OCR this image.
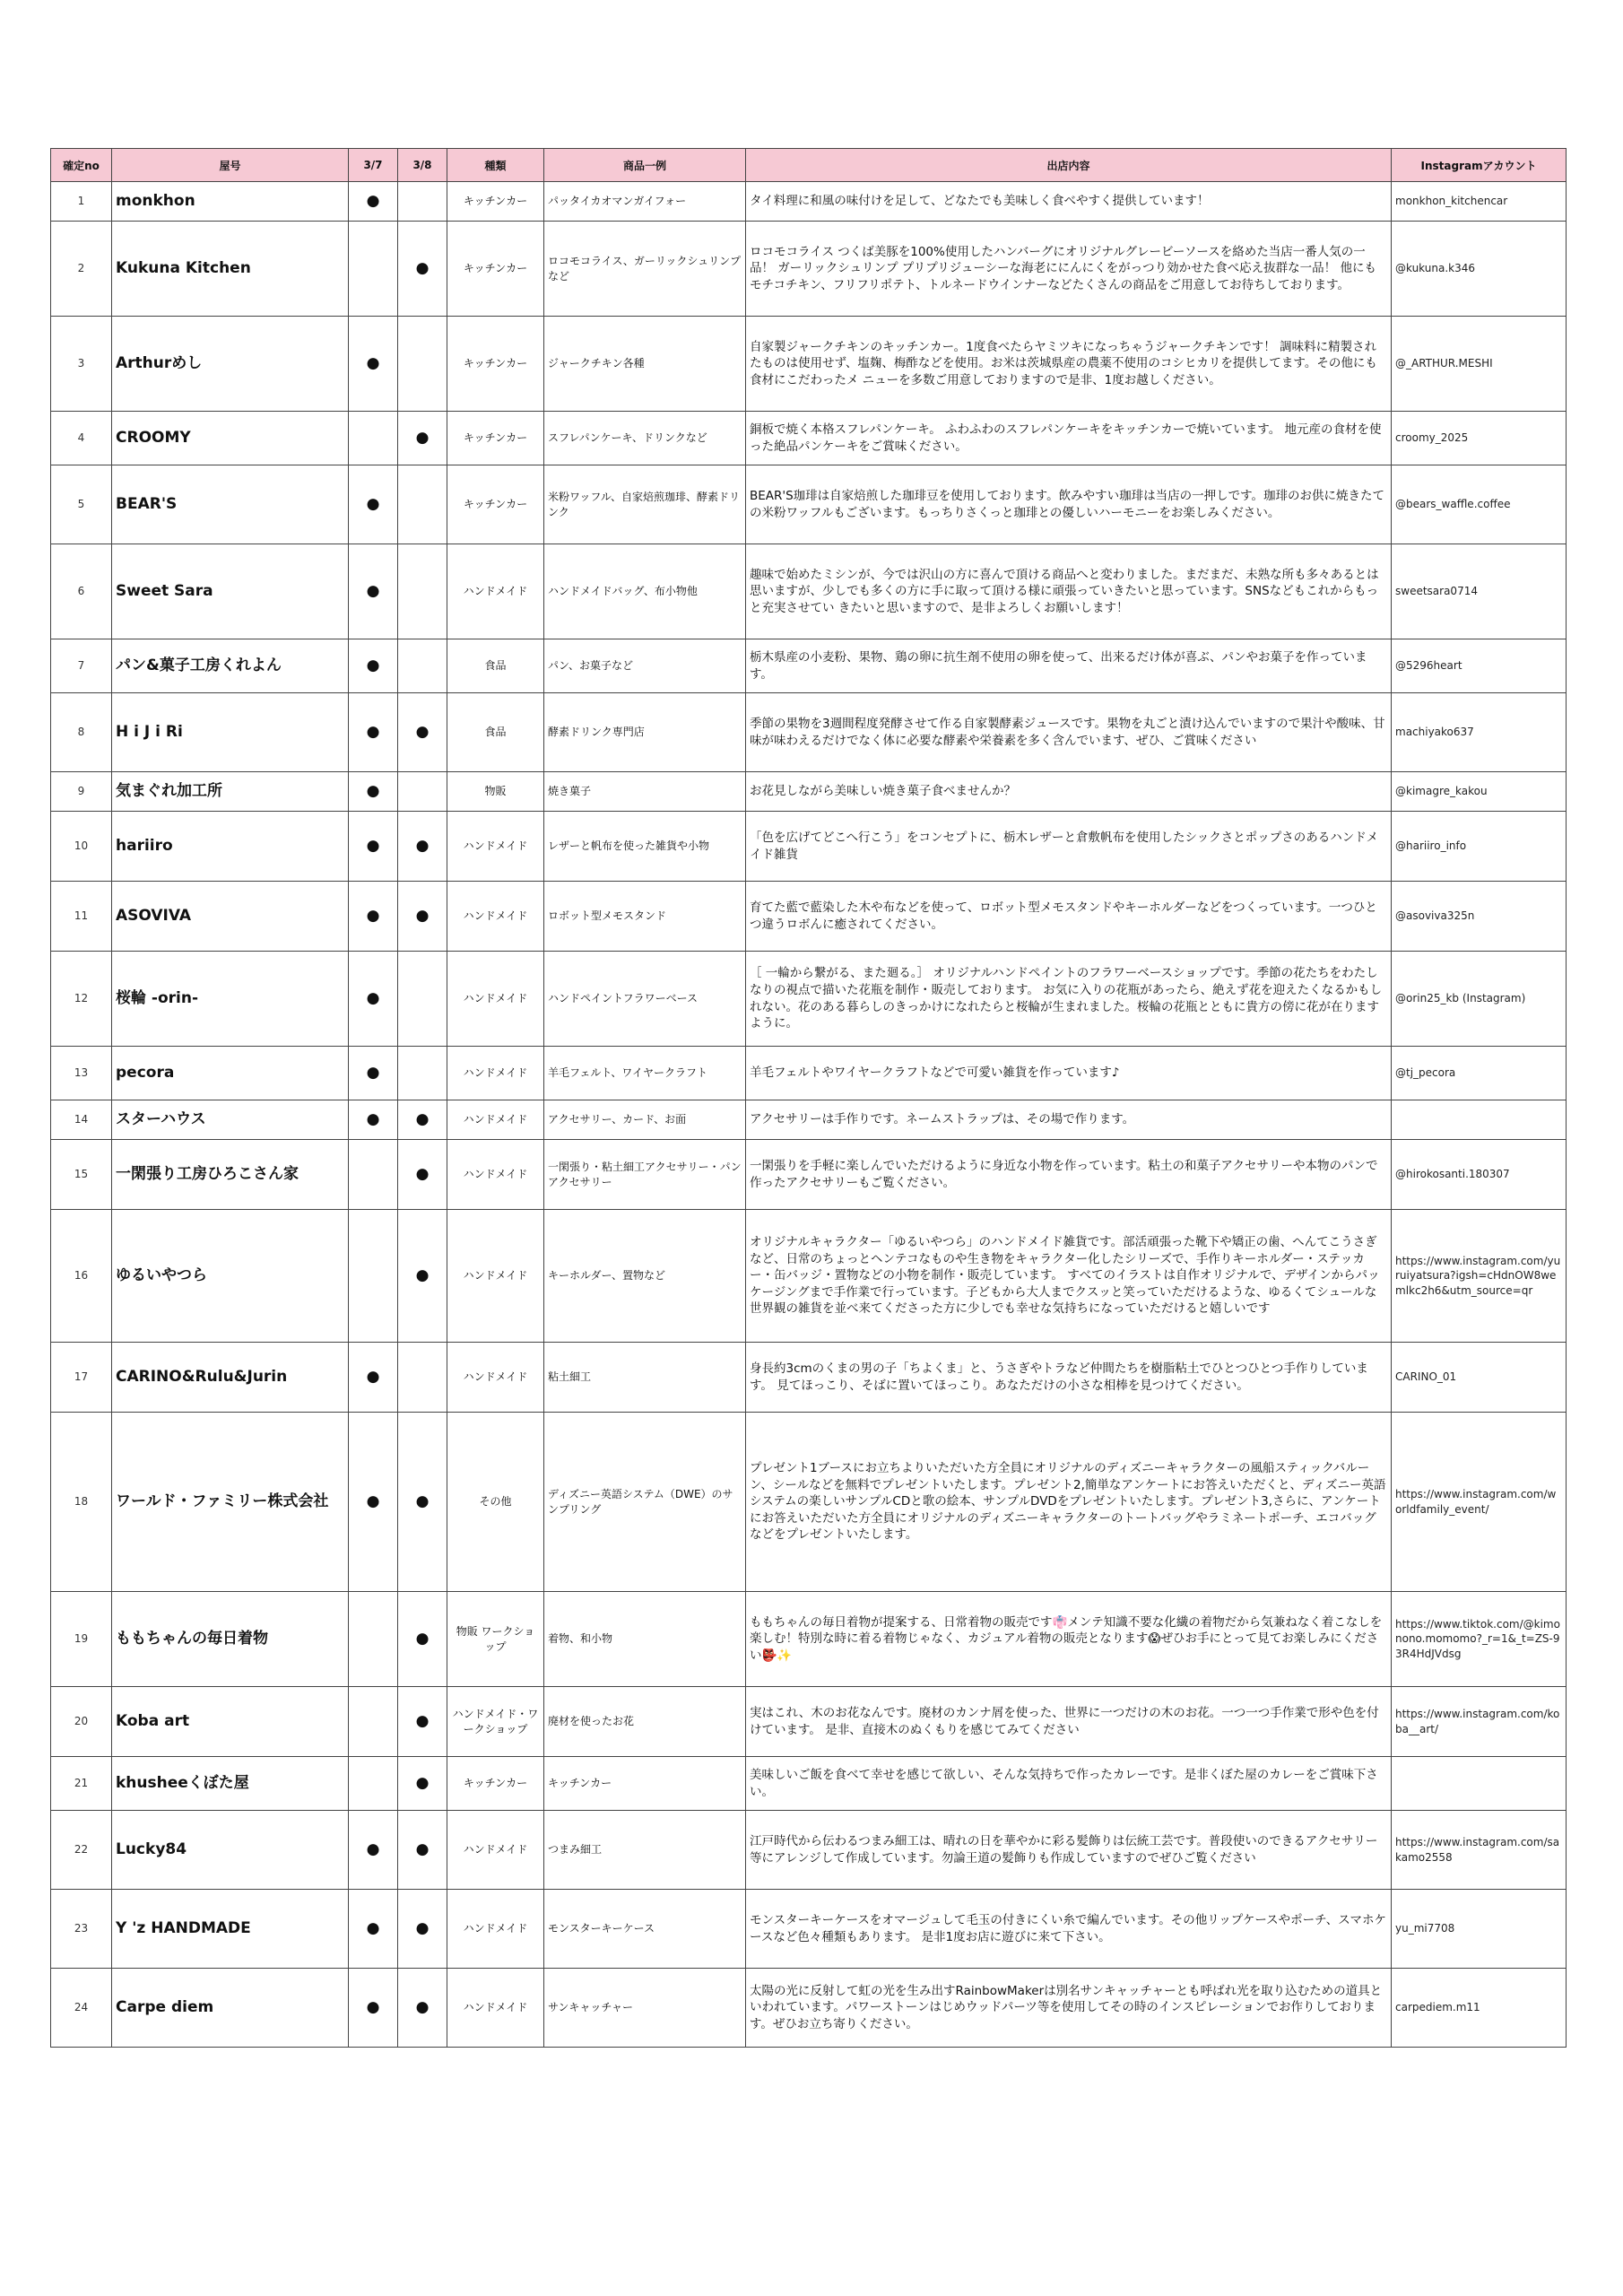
確定no	屋号	3/7	3/8	種類	商品一例	出店内容	Instagramアカウント
1	monkhon	●		キッチンカー	パッタイカオマンガイフォー	タイ料理に和風の味付けを足して、どなたでも美味しく食べやすく提供しています！	monkhon_kitchencar
2	Kukuna Kitchen		●	キッチンカー	ロコモコライス、ガーリックシュリンプなど	ロコモコライス つくば美豚を100%使用したハンバーグにオリジナルグレービーソースを絡めた当店一番人気の一品！ ガーリックシュリンプ プリプリジューシーな海老ににんにくをがっつり効かせた食べ応え抜群な一品！ 他にもモチコチキン、フリフリポテト、トルネードウインナーなどたくさんの商品をご用意してお待ちしております。	@kukuna.k346
3	Arthurめし	●		キッチンカー	ジャークチキン各種	自家製ジャークチキンのキッチンカー。1度食べたらヤミツキになっちゃうジャークチキンです！ 調味料に精製されたものは使用せず、塩麹、梅酢などを使用。お米は茨城県産の農薬不使用のコシヒカリを提供してます。その他にも食材にこだわったメ ニューを多数ご用意しておりますので是非、1度お越しください。	@_ARTHUR.MESHI
4	CROOMY		●	キッチンカー	スフレパンケーキ、ドリンクなど	銅板で焼く本格スフレパンケーキ。 ふわふわのスフレパンケーキをキッチンカーで焼いています。 地元産の食材を使った絶品パンケーキをご賞味ください。	croomy_2025
5	BEAR'S	●		キッチンカー	米粉ワッフル、自家焙煎珈琲、酵素ドリンク	BEAR'S珈琲は自家焙煎した珈琲豆を使用しております。飲みやすい珈琲は当店の一押しです。珈琲のお供に焼きたての米粉ワッフルもございます。もっちりさくっと珈琲との優しいハーモニーをお楽しみください。	@bears_waffle.coffee
6	Sweet Sara	●		ハンドメイド	ハンドメイドバッグ、布小物他	趣味で始めたミシンが、今では沢山の方に喜んで頂ける商品へと変わりました。まだまだ、未熟な所も多々あるとは思いますが、少しでも多くの方に手に取って頂ける様に頑張っていきたいと思っています。SNSなどもこれからもっと充実させてい きたいと思いますので、是非よろしくお願いします！	sweetsara0714
7	パン&菓子工房くれよん	●		食品	パン、お菓子など	栃木県産の小麦粉、果物、鶏の卵に抗生剤不使用の卵を使って、出来るだけ体が喜ぶ、パンやお菓子を作っています。	@5296heart
8	H i J i Ri	●	●	食品	酵素ドリンク専門店	季節の果物を3週間程度発酵させて作る自家製酵素ジュースです。果物を丸ごと漬け込んでいますので果汁や酸味、甘味が味わえるだけでなく体に必要な酵素や栄養素を多く含んでいます、ぜひ、ご賞味ください	machiyako637
9	気まぐれ加工所	●		物販	焼き菓子	お花見しながら美味しい焼き菓子食べませんか？	@kimagre_kakou
10	hariiro	●	●	ハンドメイド	レザーと帆布を使った雑貨や小物	「色を広げてどこへ行こう」をコンセプトに、栃木レザーと倉敷帆布を使用したシックさとポップさのあるハンドメイド雑貨	@hariiro_info
11	ASOVIVA	●	●	ハンドメイド	ロボット型メモスタンド	育てた藍で藍染した木や布などを使って、ロボット型メモスタンドやキーホルダーなどをつくっています。一つひとつ違うロボんに癒されてください。	@asoviva325n
12	桜輪 -orin-	●		ハンドメイド	ハンドペイントフラワーベース	［ 一輪から繋がる、また廻る。］ オリジナルハンドペイントのフラワーベースショップです。季節の花たちをわたしなりの視点で描いた花瓶を制作・販売しております。 お気に入りの花瓶があったら、絶えず花を迎えたくなるかもしれない。花のある暮らしのきっかけになれたらと桜輪が生まれました。桜輪の花瓶とともに貴方の傍に花が在りますように。	@orin25_kb (Instagram)
13	pecora	●		ハンドメイド	羊毛フェルト、ワイヤークラフト	羊毛フェルトやワイヤークラフトなどで可愛い雑貨を作っています♪	@tj_pecora
14	スターハウス	●	●	ハンドメイド	アクセサリー、カード、お面	アクセサリーは手作りです。ネームストラップは、その場で作ります。	
15	一閑張り工房ひろこさん家		●	ハンドメイド	一閑張り・粘土細工アクセサリー・パンアクセサリー	一閑張りを手軽に楽しんでいただけるように身近な小物を作っています。粘土の和菓子アクセサリーや本物のパンで作ったアクセサリーもご覧ください。	@hirokosanti.180307
16	ゆるいやつら		●	ハンドメイド	キーホルダー、置物など	オリジナルキャラクター「ゆるいやつら」のハンドメイド雑貨です。部活頑張った靴下や矯正の歯、へんてこうさぎなど、日常のちょっとヘンテコなものや生き物をキャラクター化したシリーズで、手作りキーホルダー・ステッカー・缶バッジ・置物などの小物を制作・販売しています。 すべてのイラストは自作オリジナルで、デザインからパッケージングまで手作業で行っています。子どもから大人までクスッと笑っていただけるような、ゆるくてシュールな世界観の雑貨を並べ来てくださった方に少しでも幸せな気持ちになっていただけると嬉しいです	https://www.instagram.com/yuruiyatsura?igsh=cHdnOW8wemlkc2h6&utm_source=qr
17	CARINO&Rulu&Jurin	●		ハンドメイド	粘土細工	身長約3cmのくまの男の子「ちよくま」と、うさぎやトラなど仲間たちを樹脂粘土でひとつひとつ手作りしています。 見てほっこり、そばに置いてほっこり。あなただけの小さな相棒を見つけてください。	CARINO_01
18	ワールド・ファミリー株式会社	●	●	その他	ディズニー英語システム（DWE）のサンプリング	プレゼント1ブースにお立ちよりいただいた方全員にオリジナルのディズニーキャラクターの風船スティックバルーン、シールなどを無料でプレゼントいたします。プレゼント2,簡単なアンケートにお答えいただくと、ディズニー英語システムの楽しいサンプルCDと歌の絵本、サンプルDVDをプレゼントいたします。プレゼント3,さらに、アンケートにお答えいただいた方全員にオリジナルのディズニーキャラクターのトートバッグやラミネートポーチ、エコバッグなどをプレゼントいたします。	https://www.instagram.com/worldfamily_event/
19	ももちゃんの毎日着物		●	物販 ワークショップ	着物、和小物	ももちゃんの毎日着物が提案する、日常着物の販売です👘メンテ知識不要な化繊の着物だから気兼ねなく着こなしを楽しむ！特別な時に着る着物じゃなく、カジュアル着物の販売となります😱ぜひお手にとって見てお楽しみにください👺✨	https://www.tiktok.com/@kimonono.momomo?_r=1&_t=ZS-93R4HdJVdsg
20	Koba art		●	ハンドメイド・ワークショップ	廃材を使ったお花	実はこれ、木のお花なんです。廃材のカンナ屑を使った、世界に一つだけの木のお花。一つ一つ手作業で形や色を付けています。 是非、直接木のぬくもりを感じてみてください	https://www.instagram.com/koba__art/
21	khusheeくぼた屋		●	キッチンカー	キッチンカー	美味しいご飯を食べて幸せを感じて欲しい、そんな気持ちで作ったカレーです。是非くぼた屋のカレーをご賞味下さい。	
22	Lucky84	●	●	ハンドメイド	つまみ細工	江戸時代から伝わるつまみ細工は、晴れの日を華やかに彩る髪飾りは伝統工芸です。普段使いのできるアクセサリー等にアレンジして作成しています。勿論王道の髪飾りも作成していますのでぜひご覧ください	https://www.instagram.com/sakamo2558
23	Y 'z HANDMADE	●	●	ハンドメイド	モンスターキーケース	モンスターキーケースをオマージュして毛玉の付きにくい糸で編んでいます。その他リップケースやポーチ、スマホケースなど色々種類もあります。 是非1度お店に遊びに来て下さい。	yu_mi7708
24	Carpe diem	●	●	ハンドメイド	サンキャッチャー	太陽の光に反射して虹の光を生み出すRainbowMakerは別名サンキャッチャーとも呼ばれ光を取り込むための道具といわれています。パワーストーンはじめウッドパーツ等を使用してその時のインスピレーションでお作りしております。ぜひお立ち寄りください。	carpediem.m11
